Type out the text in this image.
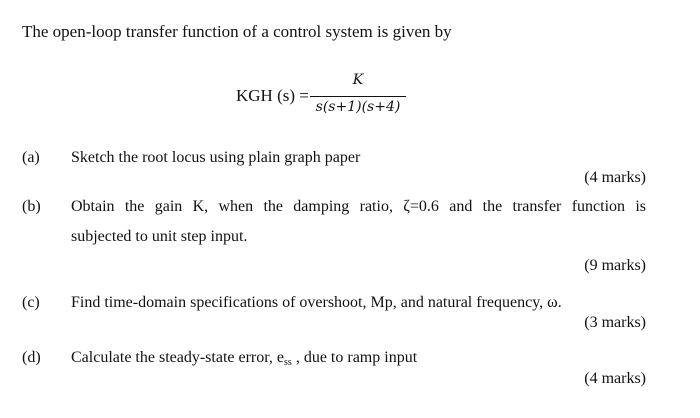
The open-loop transfer function of a control system is given by
KGH (s) =
K
s(s+1)(s+4)
(a) Sketch the root locus using plain graph paper
(4 marks)
(b) Obtain the gain K, when the damping ratio, ζ=0.6 and the transfer function is
subjected to unit step input.
(9 marks)
(c) Find time-domain specifications of overshoot, Mp, and natural frequency, ω.
(3 marks)
(d) Calculate the steady-state error, $e_{ss}$ , due to ramp input
(4 marks)
